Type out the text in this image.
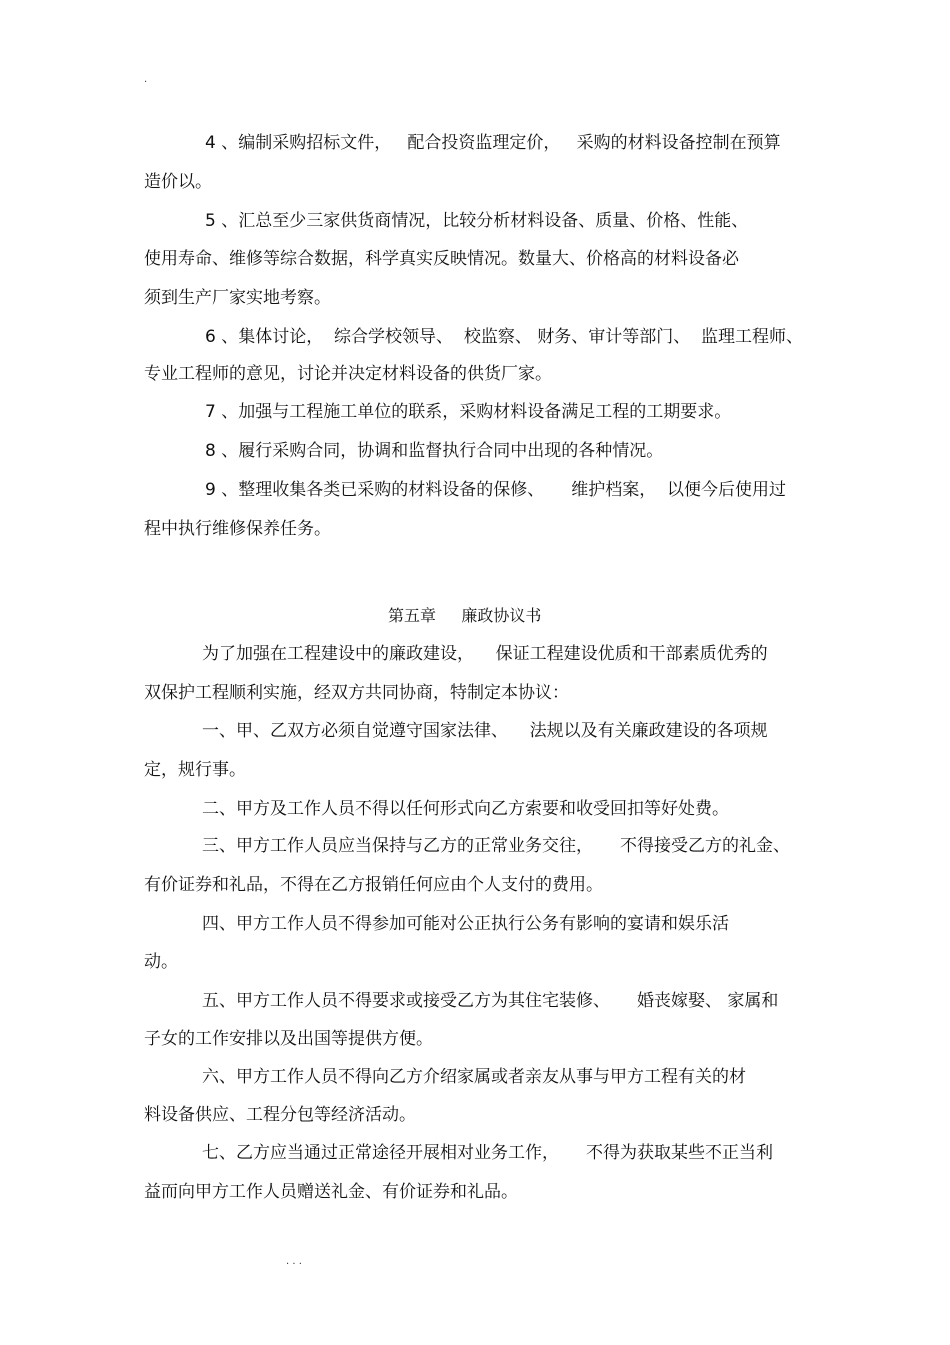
.
4 、编制采购招标文件，   配合投资监理定价，   采购的材料设备控制在预算
造价以。
5 、汇总至少三家供货商情况，比较分析材料设备、质量、价格、性能、
使用寿命、维修等综合数据，科学真实反映情况。数量大、价格高的材料设备必
须到生产厂家实地考察。
6 、集体讨论，  综合学校领导、  校监察、 财务、审计等部门、  监理工程师、
专业工程师的意见，讨论并决定材料设备的供货厂家。
7 、加强与工程施工单位的联系，采购材料设备满足工程的工期要求。
8 、履行采购合同，协调和监督执行合同中出现的各种情况。
9 、整理收集各类已采购的材料设备的保修、     维护档案，  以便今后使用过
程中执行维修保养任务。
第五章     廉政协议书
为了加强在工程建设中的廉政建设，    保证工程建设优质和干部素质优秀的
双保护工程顺利实施，经双方共同协商，特制定本协议：
一、甲、乙双方必须自觉遵守国家法律、    法规以及有关廉政建设的各项规
定，规行事。
二、甲方及工作人员不得以任何形式向乙方索要和收受回扣等好处费。
三、甲方工作人员应当保持与乙方的正常业务交往，     不得接受乙方的礼金、
有价证券和礼品，不得在乙方报销任何应由个人支付的费用。
四、甲方工作人员不得参加可能对公正执行公务有影响的宴请和娱乐活
动。
五、甲方工作人员不得要求或接受乙方为其住宅装修、     婚丧嫁娶、 家属和
子女的工作安排以及出国等提供方便。
六、甲方工作人员不得向乙方介绍家属或者亲友从事与甲方工程有关的材
料设备供应、工程分包等经济活动。
七、乙方应当通过正常途径开展相对业务工作，     不得为获取某些不正当利
益而向甲方工作人员赠送礼金、有价证券和礼品。
. . .
